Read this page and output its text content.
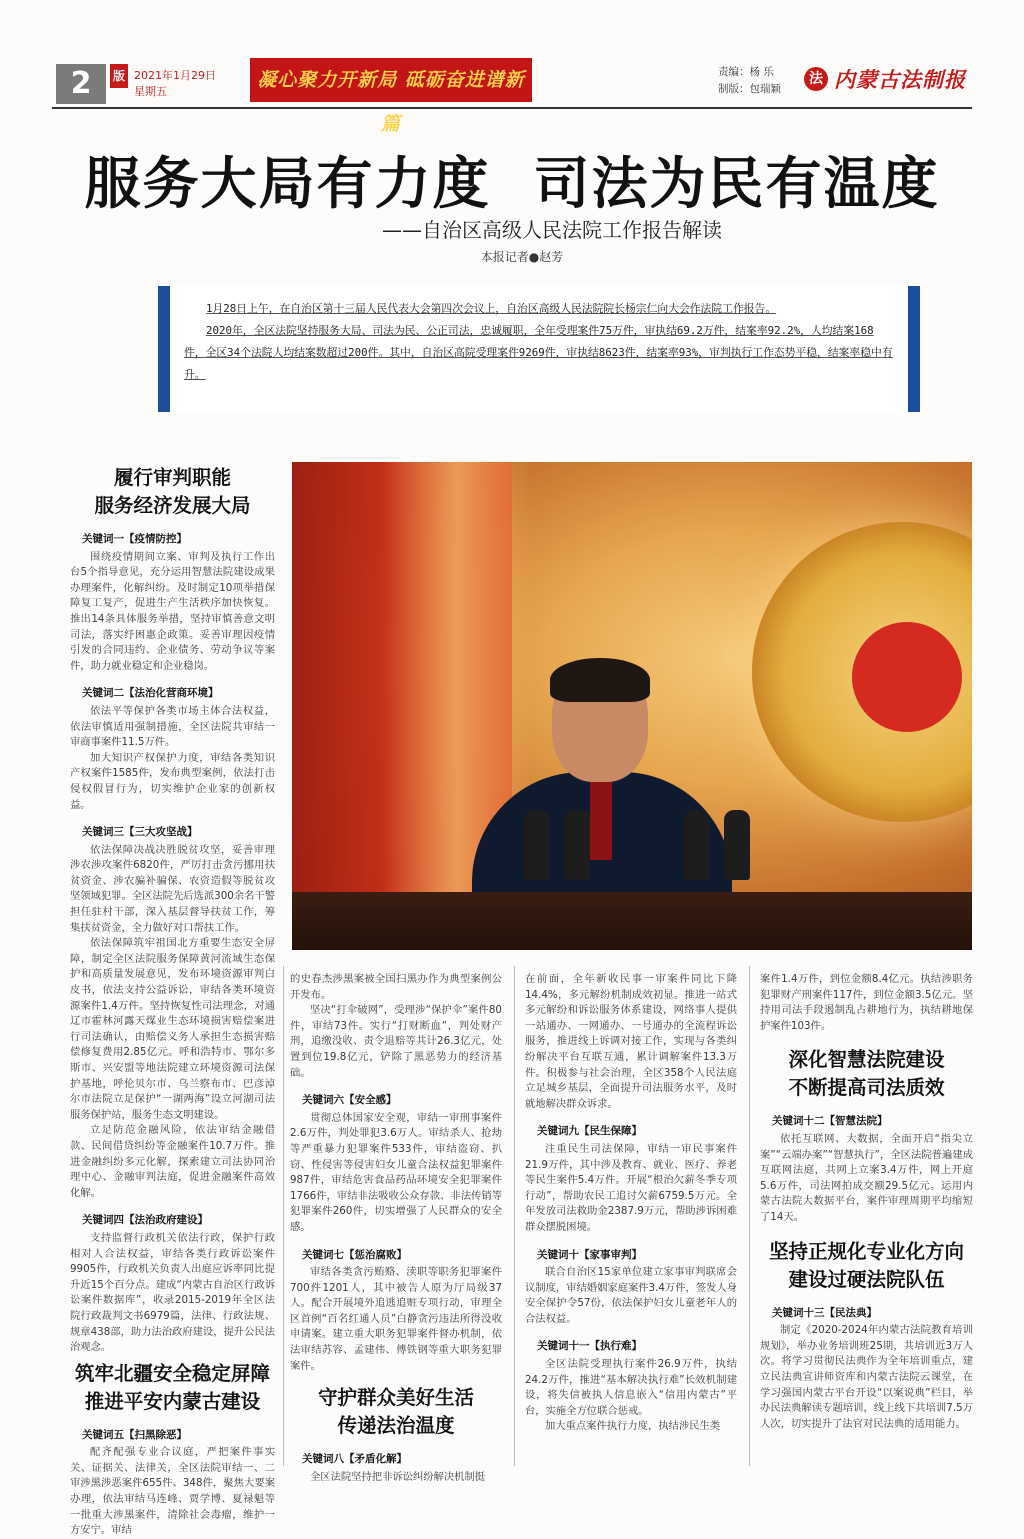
2	版 2021年1月29日
星期五
凝心聚力开新局 砥砺奋进谱新篇
责编：杨 乐
制版：包瑞颖
法 内蒙古法制报
服务大局有力度  司法为民有温度
——自治区高级人民法院工作报告解读
本报记者●赵芳

1月28日上午，在自治区第十三届人民代表大会第四次会议上，自治区高级人民法院院长杨宗仁向大会作法院工作报告。

2020年，全区法院坚持服务大局、司法为民、公正司法，忠诚履职，全年受理案件75万件，审执结69.2万件，结案率92.2%，人均结案168件，全区34个法院人均结案数超过200件。其中，自治区高院受理案件9269件，审执结8623件，结案率93%，审判执行工作态势平稳，结案率稳中有升。

履行审判职能
服务经济发展大局
关键词一【疫情防控】

围绕疫情期间立案、审判及执行工作出台5个指导意见，充分运用智慧法院建设成果办理案件，化解纠纷。及时制定10项举措保障复工复产，促进生产生活秩序加快恢复。推出14条具体服务举措，坚持审慎善意文明司法，落实纾困惠企政策。妥善审理因疫情引发的合同违约、企业债务、劳动争议等案件，助力就业稳定和企业稳岗。

关键词二【法治化营商环境】

依法平等保护各类市场主体合法权益，依法审慎适用强制措施，全区法院共审结一审商事案件11.5万件。

加大知识产权保护力度，审结各类知识产权案件1585件，发布典型案例，依法打击侵权假冒行为，切实维护企业家的创新权益。

关键词三【三大攻坚战】

依法保障决战决胜脱贫攻坚，妥善审理涉农涉攻案件6820件，严厉打击贪污挪用扶贫资金、涉农骗补骗保、农资造假等脱贫攻坚领域犯罪。全区法院先后选派300余名干警担任驻村干部，深入基层督导扶贫工作，筹集扶贫资金，全力做好对口帮扶工作。

依法保障筑牢祖国北方重要生态安全屏障，制定全区法院服务保障黄河流域生态保护和高质量发展意见，发布环境资源审判白皮书，依法支持公益诉讼，审结各类环境资源案件1.4万件。坚持恢复性司法理念，对通辽市霍林河露天煤业生态环境损害赔偿案进行司法确认，由赔偿义务人承担生态损害赔偿修复费用2.85亿元。呼和浩特市、鄂尔多斯市、兴安盟等地法院建立环境资源司法保护基地，呼伦贝尔市、乌兰察布市、巴彦淖尔市法院立足保护“一湖两海”设立河湖司法服务保护站，服务生态文明建设。

立足防范金融风险，依法审结金融借款、民间借贷纠纷等金融案件10.7万件。推进金融纠纷多元化解，探索建立司法协同治理中心、金融审判法庭，促进金融案件高效化解。

关键词四【法治政府建设】

支持监督行政机关依法行政，保护行政相对人合法权益，审结各类行政诉讼案件9905件，行政机关负责人出庭应诉率同比提升近15个百分点。建成“内蒙古自治区行政诉讼案件数据库”，收录2015-2019年全区法院行政裁判文书6979篇，法律、行政法规、规章438部，助力法治政府建设，提升公民法治观念。

筑牢北疆安全稳定屏障
推进平安内蒙古建设
关键词五【扫黑除恶】

配齐配强专业合议庭，严把案件事实关、证据关、法律关，全区法院审结一、二审涉黑涉恶案件655件、348件，聚焦大要案办理，依法审结马连峰、贾学博、夏禄魁等一批重大涉黑案件，清除社会毒瘤，维护一方安宁。审结

的史春杰涉黑案被全国扫黑办作为典型案例公开发布。

坚决“打伞破网”，受理涉“保护伞”案件80件，审结73件。实行“打财断血”，判处财产刑，追缴没收、责令退赔等共计26.3亿元，处置到位19.8亿元，铲除了黑恶势力的经济基础。

关键词六【安全感】

贯彻总体国家安全观，审结一审刑事案件2.6万件，判处罪犯3.6万人。审结杀人、抢劫等严重暴力犯罪案件533件，审结盗窃、扒窃、性侵害等侵害妇女儿童合法权益犯罪案件987件，审结危害食品药品环境安全犯罪案件1766件，审结非法吸收公众存款、非法传销等犯罪案件260件，切实增强了人民群众的安全感。

关键词七【惩治腐败】

审结各类贪污贿赂、渎职等职务犯罪案件700件1201人，其中被告人原为厅局级37人。配合开展境外追逃追赃专项行动，审理全区首例“百名红通人员”白静贪污违法所得没收申请案。建立重大职务犯罪案件督办机制，依法审结苏容、孟建伟、傅铁钢等重大职务犯罪案件。

守护群众美好生活
传递法治温度
关键词八【矛盾化解】

全区法院坚持把非诉讼纠纷解决机制挺

在前面，全年新收民事一审案件同比下降14.4%，多元解纷机制成效初显。推进一站式多元解纷和诉讼服务体系建设，网络事人提供一站通办、一网通办、一号通办的全流程诉讼服务，推进线上诉调对接工作，实现与各类纠纷解决平台互联互通，累计调解案件13.3万件。积极参与社会治理，全区358个人民法庭立足城乡基层，全面提升司法服务水平，及时就地解决群众诉求。

关键词九【民生保障】

注重民生司法保障，审结一审民事案件21.9万件，其中涉及教育、就业、医疗、养老等民生案件5.4万件。开展“根治欠薪冬季专项行动”，帮助农民工追讨欠薪6759.5万元。全年发放司法救助金2387.9万元，帮助涉诉困难群众摆脱困境。

关键词十【家事审判】

联合自治区15家单位建立家事审判联席会议制度，审结婚姻家庭案件3.4万件，签发人身安全保护令57份，依法保护妇女儿童老年人的合法权益。

关键词十一【执行难】

全区法院受理执行案件26.9万件，执结24.2万件，推进“基本解决执行难”长效机制建设，将失信被执人信息嵌入“信用内蒙古”平台，实施全方位联合惩戒。

加大重点案件执行力度，执结涉民生类

案件1.4万件，到位金额8.4亿元。执结涉职务犯罪财产刑案件117件，到位金额3.5亿元。坚持用司法手段遏制乱占耕地行为，执结耕地保护案件103件。

深化智慧法院建设
不断提高司法质效
关键词十二【智慧法院】

依托互联网、大数据，全面开启“指尖立案”“云端办案”“智慧执行”，全区法院普遍建成互联网法庭，共网上立案3.4万件，网上开庭5.6万件，司法网拍成交额29.5亿元。运用内蒙古法院大数据平台，案件审理周期平均缩短了14天。

坚持正规化专业化方向
建设过硬法院队伍
关键词十三【民法典】

制定《2020-2024年内蒙古法院教育培训规划》，举办业务培训班25期，共培训近3万人次。将学习贯彻民法典作为全年培训重点，建立民法典宣讲师资库和内蒙古法院云课堂，在学习强国内蒙古平台开设“以案说典”栏目，举办民法典解读专题培训，线上线下共培训7.5万人次，切实提升了法官对民法典的适用能力。
